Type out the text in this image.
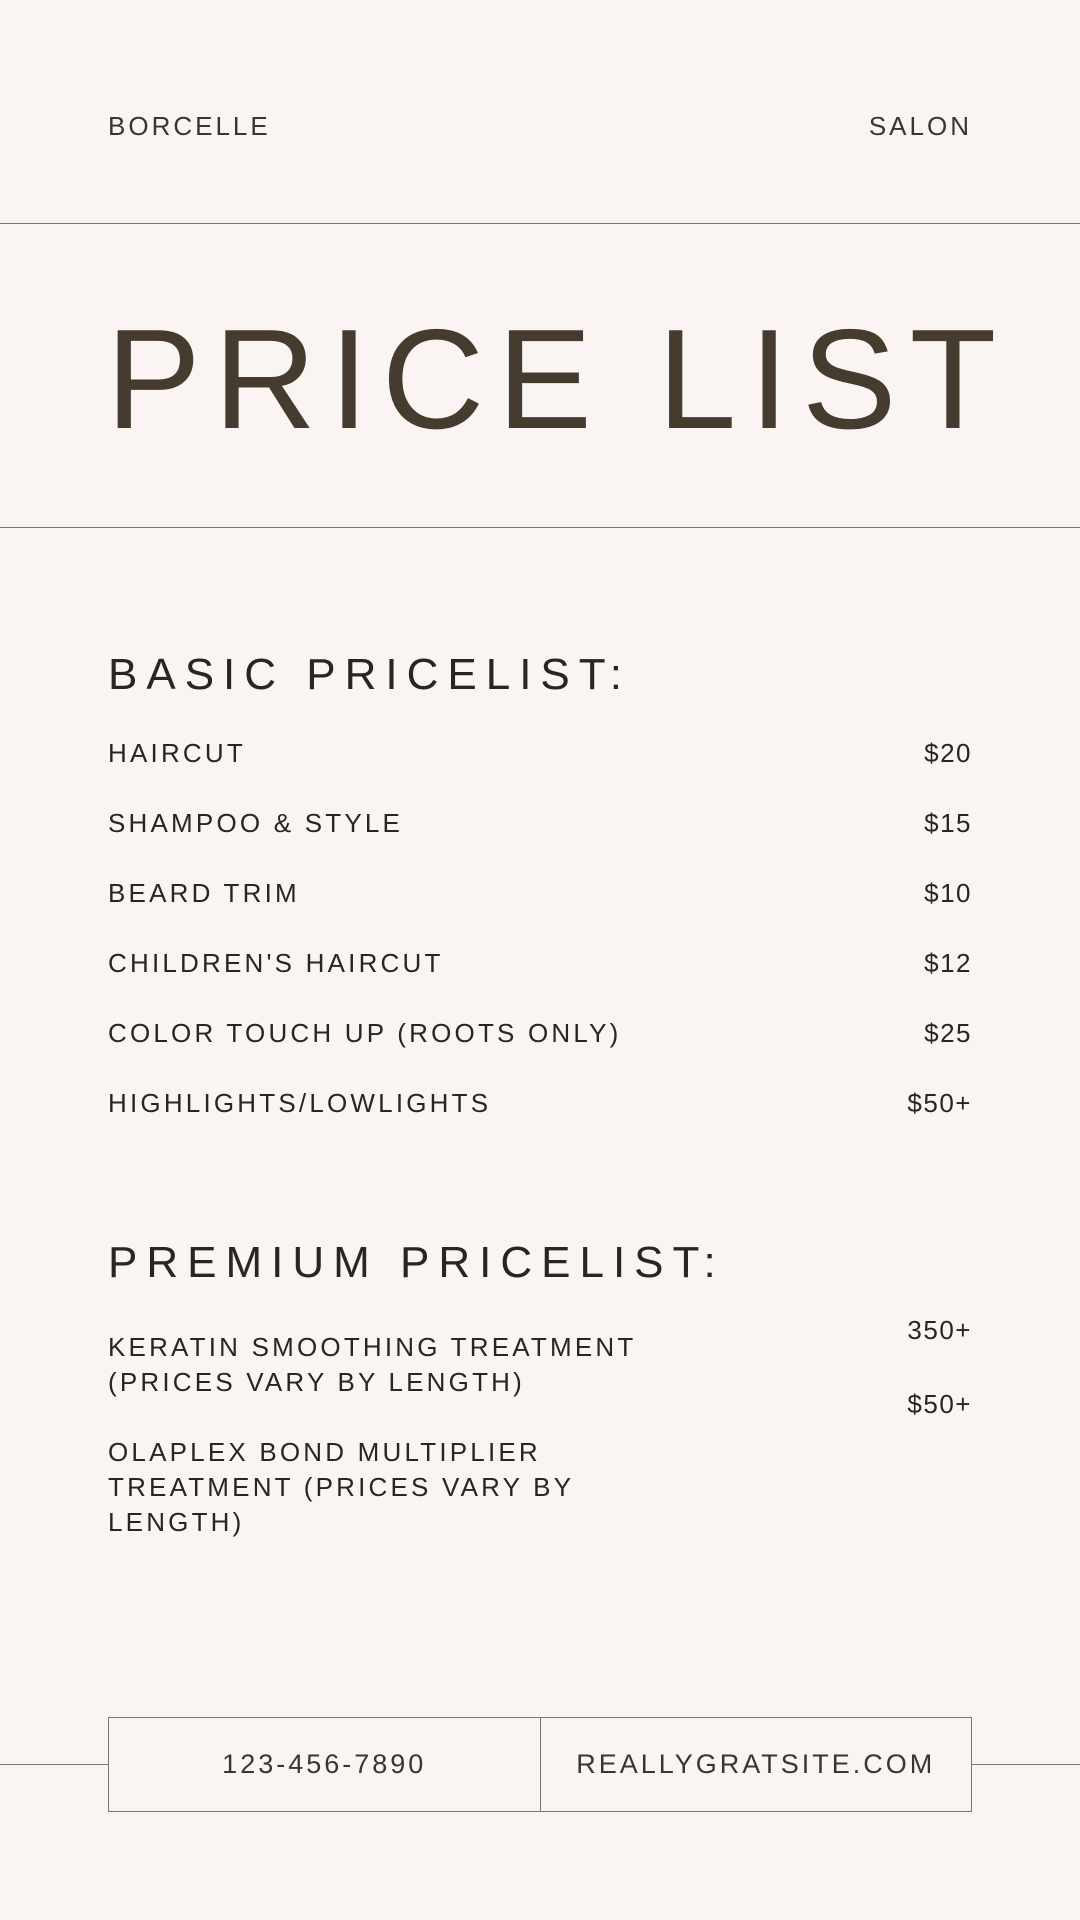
BORCELLE	SALON
PRICE LIST
BASIC PRICELIST:
HAIRCUT	$20
SHAMPOO & STYLE	$15
BEARD TRIM	$10
CHILDREN'S HAIRCUT	$12
COLOR TOUCH UP (ROOTS ONLY)	$25
HIGHLIGHTS/LOWLIGHTS	$50+
PREMIUM PRICELIST:
KERATIN SMOOTHING TREATMENT (PRICES VARY BY LENGTH)
350+
OLAPLEX BOND MULTIPLIER TREATMENT (PRICES VARY BY LENGTH)
$50+
123-456-7890	REALLYGRATSITE.COM
